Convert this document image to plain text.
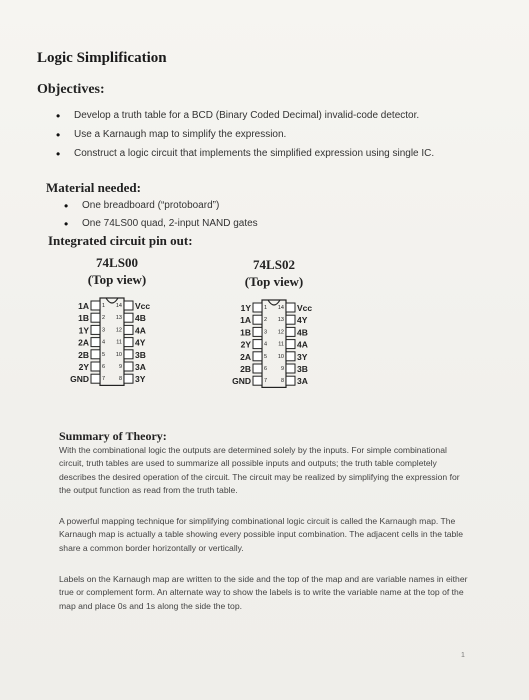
Logic Simplification
Objectives:
• Develop a truth table for a BCD (Binary Coded Decimal) invalid-code detector.
• Use a Karnaugh map to simplify the expression.
• Construct a logic circuit that implements the simplified expression using single IC.
Material needed:
• One breadboard (“protoboard”)
• One 74LS00 quad, 2-input NAND gates
Integrated circuit pin out:
74LS00
(Top view)
1A 1 14 Vcc
1B 2 13 4B
1Y 3 12 4A
2A 4 11 4Y
2B 5 10 3B
2Y 6	9 3A
GND 7	8 3Y
74LS02
(Top view)
1Y 1 14 Vcc
1A 2 13 4Y
1B 3 12 4B
2Y 4 11 4A
2A 5 10 3Y
2B 6	9 3B
GND 7	8 3A
Summary of Theory:
With the combinational logic the outputs are determined solely by the inputs. For simple combinational circuit, truth tables are used to summarize all possible inputs and outputs; the truth table completely describes the desired operation of the circuit. The circuit may be realized by simplifying the expression for the output function as read from the truth table.
A powerful mapping technique for simplifying combinational logic circuit is called the Karnaugh map. The Karnaugh map is actually a table showing every possible input combination. The adjacent cells in the table share a common border horizontally or vertically.
Labels on the Karnaugh map are written to the side and the top of the map and are variable names in either true or complement form. An alternate way to show the labels is to write the variable name at the top of the map and place 0s and 1s along the side the top.
1
